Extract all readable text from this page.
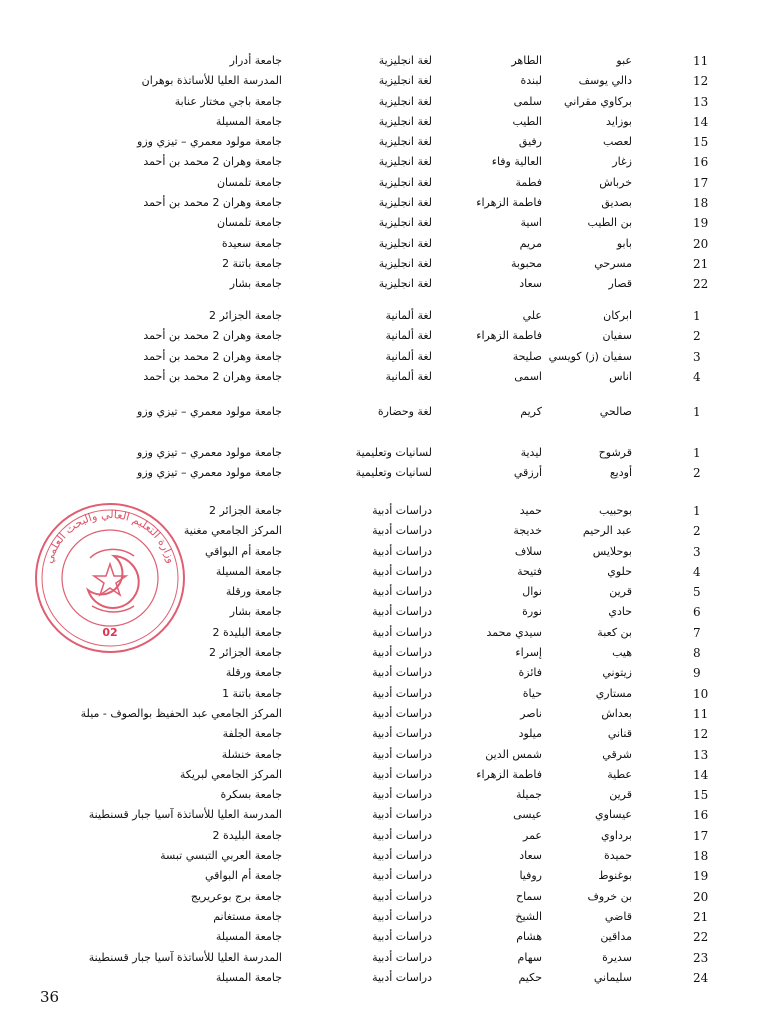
11
عبو
الطاهر
لغة انجليزية
جامعة أدرار
12
دالي يوسف
لبندة
لغة انجليزية
المدرسة العليا للأساتذة بوهران
13
بركاوي مقراني
سلمى
لغة انجليزية
جامعة باجي مختار عنابة
14
بوزايد
الطيب
لغة انجليزية
جامعة المسيلة
15
لعصب
رفيق
لغة انجليزية
جامعة مولود معمري – تيزي وزو
16
زغار
العالية وفاء
لغة انجليزية
جامعة وهران 2 محمد بن أحمد
17
خرباش
فطمة
لغة انجليزية
جامعة تلمسان
18
بصديق
فاطمة الزهراء
لغة انجليزية
جامعة وهران 2 محمد بن أحمد
19
بن الطيب
اسية
لغة انجليزية
جامعة تلمسان
20
بابو
مريم
لغة انجليزية
جامعة سعيدة
21
مسرحي
محبوبة
لغة انجليزية
جامعة باتنة 2
22
قصار
سعاد
لغة انجليزية
جامعة بشار
1
ابركان
علي
لغة ألمانية
جامعة الجزائر 2
2
سفيان
فاطمة الزهراء
لغة ألمانية
جامعة وهران 2 محمد بن أحمد
3
سفيان (ز) كويسي
صليحة
لغة ألمانية
جامعة وهران 2 محمد بن أحمد
4
اناس
اسمى
لغة ألمانية
جامعة وهران 2 محمد بن أحمد
1
صالحي
كريم
لغة وحضارة
جامعة مولود معمري – تيزي وزو
1
قرشوح
ليدية
لسانيات وتعليمية
جامعة مولود معمري – تيزي وزو
2
أوديع
أرزقي
لسانيات وتعليمية
جامعة مولود معمري – تيزي وزو
1
بوحبيب
حميد
دراسات أدبية
جامعة الجزائر 2
2
عبد الرحيم
خديجة
دراسات أدبية
المركز الجامعي مغنية
3
بوحلايس
سلاف
دراسات أدبية
جامعة أم البواقي
4
حلوي
فتيحة
دراسات أدبية
جامعة المسيلة
5
قرين
نوال
دراسات أدبية
جامعة ورقلة
6
حادي
نورة
دراسات أدبية
جامعة بشار
7
بن كعبة
سيدي محمد
دراسات أدبية
جامعة البليدة 2
8
هيب
إسراء
دراسات أدبية
جامعة الجزائر 2
9
زيتوني
فائزة
دراسات أدبية
جامعة ورقلة
10
مستاري
حياة
دراسات أدبية
جامعة باتنة 1
11
بعداش
ناصر
دراسات أدبية
المركز الجامعي عبد الحفيظ بوالصوف - ميلة
12
قناني
ميلود
دراسات أدبية
جامعة الجلفة
13
شرقي
شمس الدين
دراسات أدبية
جامعة خنشلة
14
عطية
فاطمة الزهراء
دراسات أدبية
المركز الجامعي لبريكة
15
قرين
جميلة
دراسات أدبية
جامعة بسكرة
16
عيساوي
عيسى
دراسات أدبية
المدرسة العليا للأساتذة آسيا جبار قسنطينة
17
برداوي
عمر
دراسات أدبية
جامعة البليدة 2
18
حميدة
سعاد
دراسات أدبية
جامعة العربي التبسي تبسة
19
بوغنوط
روفيا
دراسات أدبية
جامعة أم البواقي
20
بن خروف
سماح
دراسات أدبية
جامعة برج بوعريريج
21
قاضي
الشيخ
دراسات أدبية
جامعة مستغانم
22
مداقين
هشام
دراسات أدبية
جامعة المسيلة
23
سديرة
سهام
دراسات أدبية
المدرسة العليا للأساتذة آسيا جبار قسنطينة
24
سليماني
حكيم
دراسات أدبية
جامعة المسيلة
وزارة التعليم العالي والبحث العلمي
02
36
